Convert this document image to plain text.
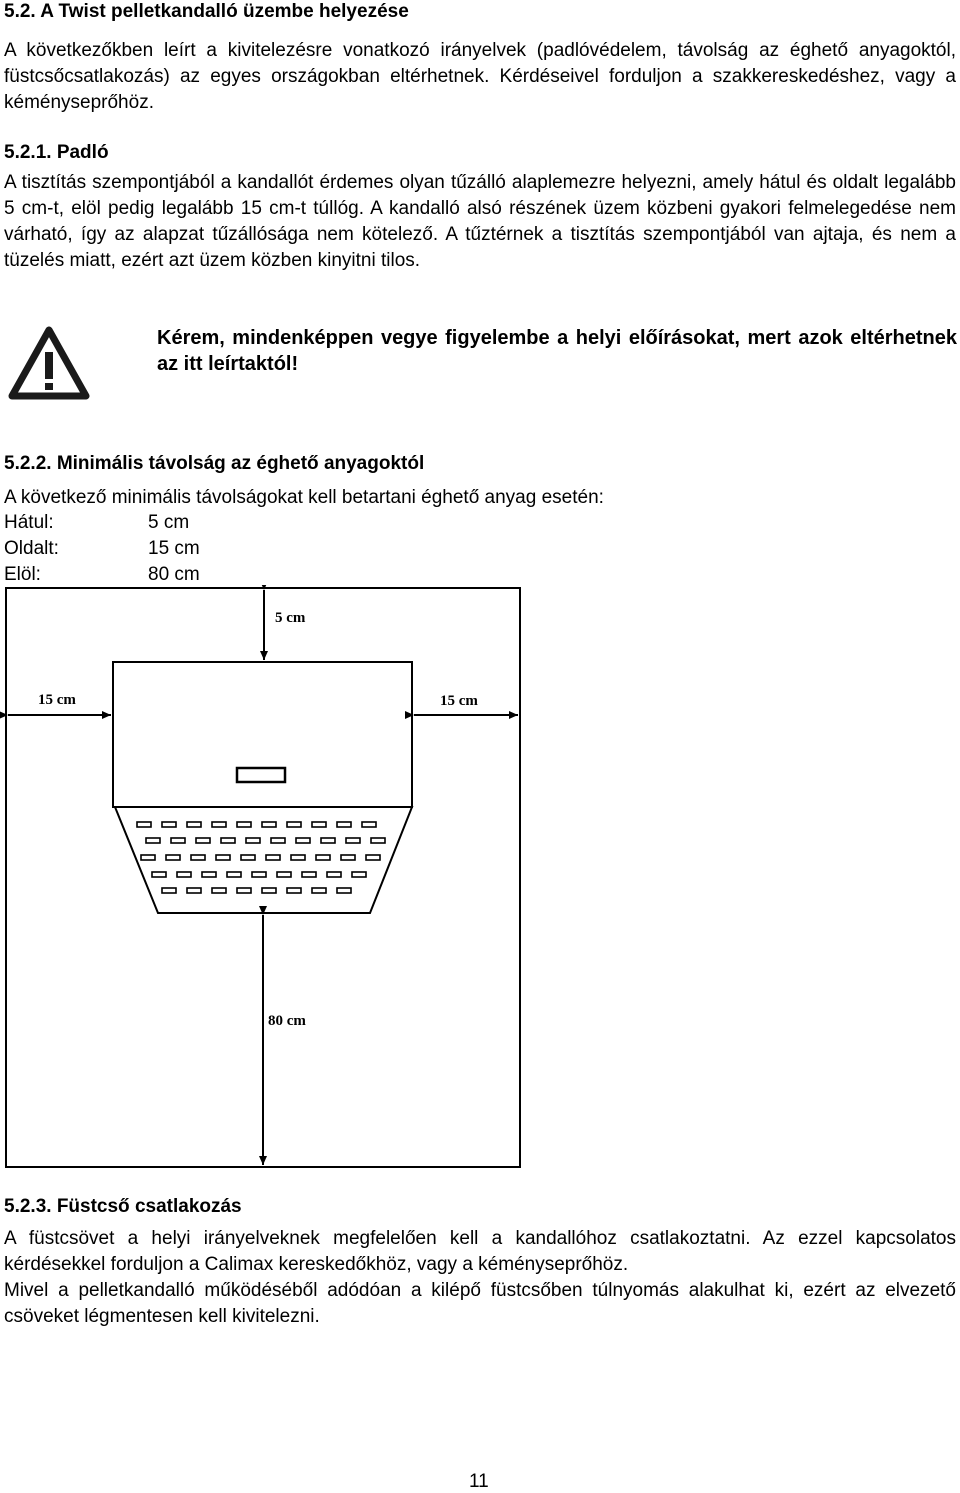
5.2. A Twist pelletkandalló üzembe helyezése
A következőkben leírt a kivitelezésre vonatkozó irányelvek (padlóvédelem, távolság az éghető anyagoktól, füstcsőcsatlakozás) az egyes országokban eltérhetnek. Kérdéseivel forduljon a szakkereskedéshez, vagy a kéményseprőhöz.
5.2.1. Padló
A tisztítás szempontjából a kandallót érdemes olyan tűzálló alaplemezre helyezni, amely hátul és oldalt legalább 5 cm-t, elöl pedig legalább 15 cm-t túllóg. A kandalló alsó részének üzem közbeni gyakori felmelegedése nem várható, így az alapzat tűzállósága nem kötelező. A tűztérnek a tisztítás szempontjából van ajtaja, és nem a tüzelés miatt, ezért azt üzem közben kinyitni tilos.
Kérem, mindenképpen vegye figyelembe a helyi előírásokat, mert azok eltérhetnek az itt leírtaktól!
5.2.2. Minimális távolság az éghető anyagoktól
A következő minimális távolságokat kell betartani éghető anyag esetén:
Hátul:	5 cm
Oldalt:	15 cm
Elöl:	80 cm
5 cm
15 cm	15 cm
80 cm
5.2.3. Füstcső csatlakozás
A füstcsövet a helyi irányelveknek megfelelően kell a kandallóhoz csatlakoztatni. Az ezzel kapcsolatos kérdésekkel forduljon a Calimax kereskedőkhöz, vagy a kéményseprőhöz.
Mivel a pelletkandalló működéséből adódóan a kilépő füstcsőben túlnyomás alakulhat ki, ezért az elvezető csöveket légmentesen kell kivitelezni.
11
